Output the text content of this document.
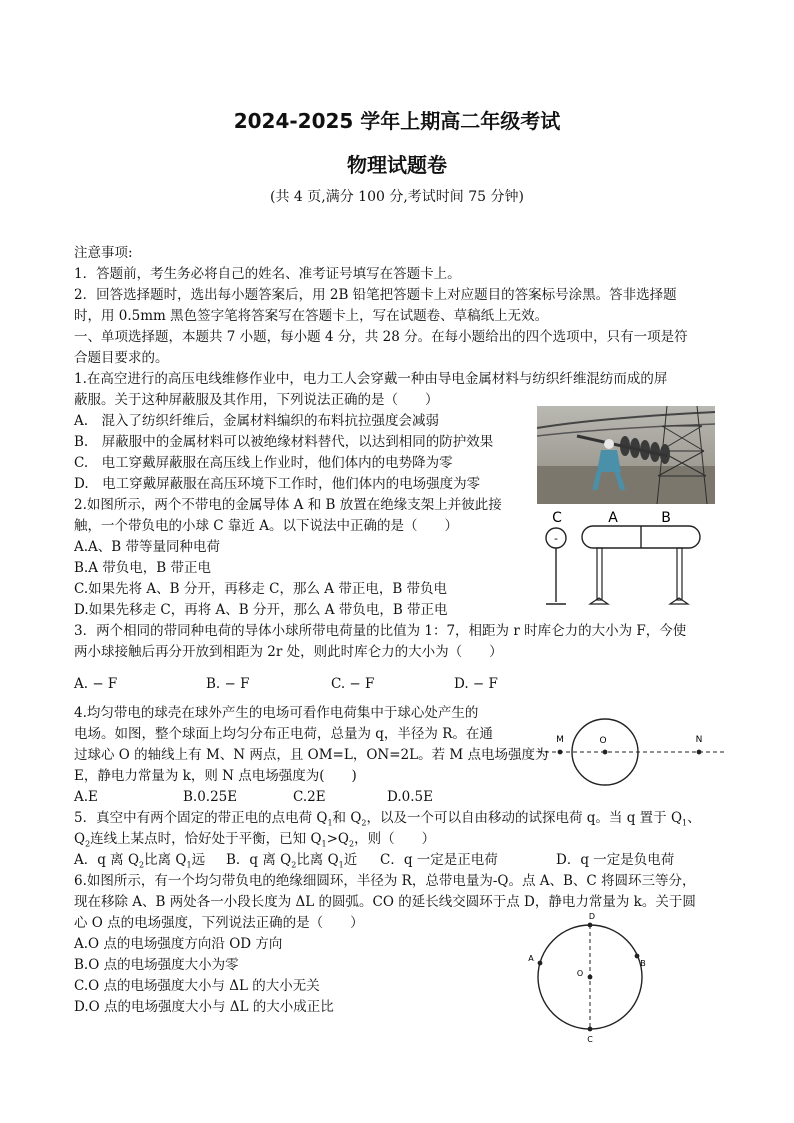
2024-2025 学年上期高二年级考试
物理试题卷
(共 4 页,满分 100 分,考试时间 75 分钟)
注意事项:
1．答题前，考生务必将自己的姓名、准考证号填写在答题卡上。
2．回答选择题时，选出每小题答案后，用 2B 铅笔把答题卡上对应题目的答案标号涂黑。答非选择题
时，用 0.5mm 黑色签字笔将答案写在答题卡上，写在试题卷、草稿纸上无效。
一、单项选择题，本题共 7 小题，每小题 4 分，共 28 分。在每小题给出的四个选项中，只有一项是符
合题目要求的。
1.在高空进行的高压电线维修作业中，电力工人会穿戴一种由导电金属材料与纺织纤维混纺而成的屏
蔽服。关于这种屏蔽服及其作用，下列说法正确的是（　　）
A.　混入了纺织纤维后，金属材料编织的布料抗拉强度会减弱
B.　屏蔽服中的金属材料可以被绝缘材料替代，以达到相同的防护效果
C.　电工穿戴屏蔽服在高压线上作业时，他们体内的电势降为零
D.　电工穿戴屏蔽服在高压环境下工作时，他们体内的电场强度为零
2.如图所示，两个不带电的金属导体 A 和 B 放置在绝缘支架上并彼此接
触，一个带负电的小球 C 靠近 A。以下说法中正确的是（　　）
A.A、B 带等量同种电荷
B.A 带负电，B 带正电
C.如果先将 A、B 分开，再移走 C，那么 A 带正电，B 带负电
D.如果先移走 C，再将 A、B 分开，那么 A 带负电，B 带正电
C	A	B
-
3．两个相同的带同种电荷的导体小球所带电荷量的比值为 1：7，相距为 r 时库仑力的大小为 F，今使
两小球接触后再分开放到相距为 2r 处，则此时库仑力的大小为（　　）
A. − F	B. − F	C. − F	D. − F
4.均匀带电的球壳在球外产生的电场可看作电荷集中于球心处产生的
电场。如图，整个球面上均匀分布正电荷，总量为 q，半径为 R。在通
过球心 O 的轴线上有 M、N 两点，且 OM=L，ON=2L。若 M 点电场强度为
E，静电力常量为 k，则 N 点电场强度为(　　)
A.E	B.0.25E	C.2E	D.0.5E
M	O	N
5．真空中有两个固定的带正电的点电荷 $Q_1$和 $Q_2$，以及一个可以自由移动的试探电荷 q。当 q 置于 $Q_1$、
$Q_2$连线上某点时，恰好处于平衡，已知 $Q_1>Q_2$，则（　　）
A．q 离 $Q_2$比离 $Q_1$远 B．q 离 $Q_2$比离 $Q_1$近 C．q 一定是正电荷	D．q 一定是负电荷
6.如图所示，有一个均匀带负电的绝缘细圆环，半径为 R，总带电量为-Q。点 A、B、C 将圆环三等分，
现在移除 A、B 两处各一小段长度为 ΔL 的圆弧。CO 的延长线交圆环于点 D，静电力常量为 k。关于圆
心 O 点的电场强度，下列说法正确的是（　　）
A.O 点的电场强度方向沿 OD 方向
B.O 点的电场强度大小为零
C.O 点的电场强度大小与 ΔL 的大小无关
D.O 点的电场强度大小与 ΔL 的大小成正比
D
A
B
O
C
